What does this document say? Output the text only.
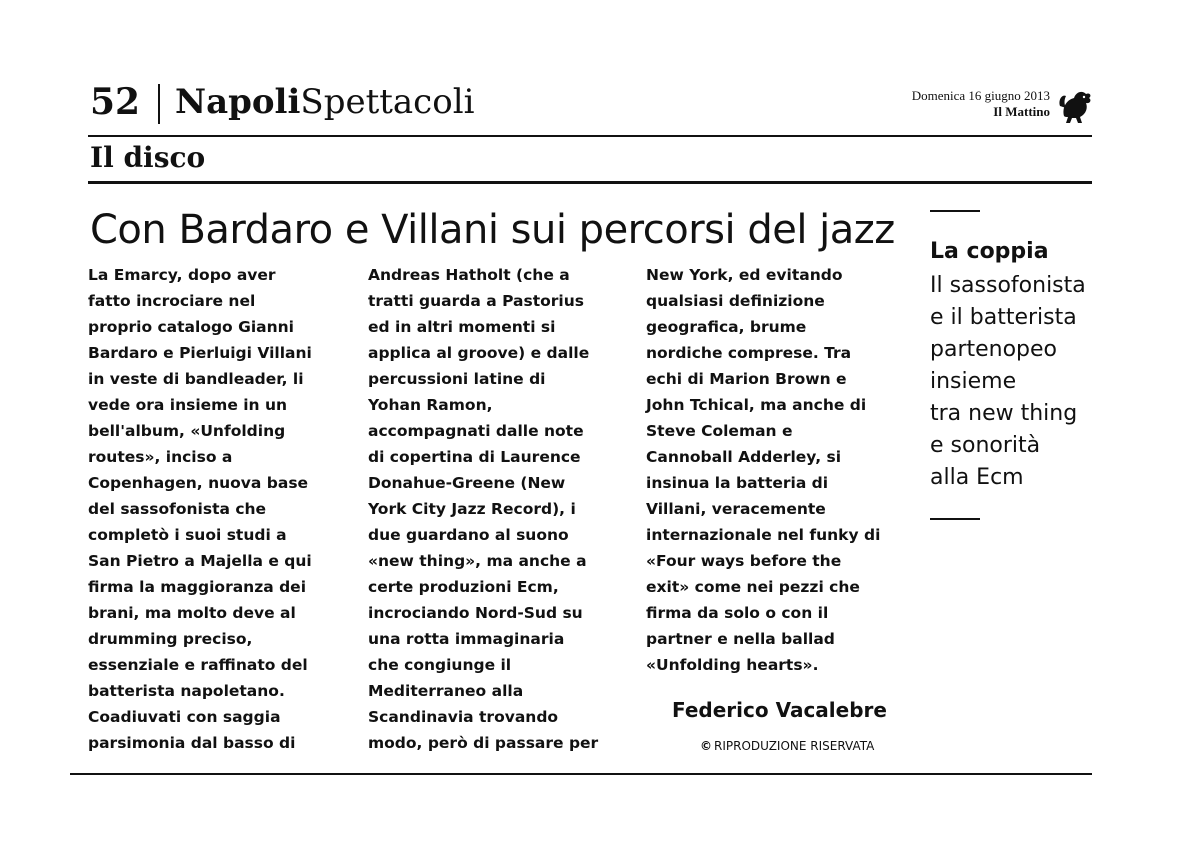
52 NapoliSpettacoli	Domenica 16 giugno 2013
Il Mattino
Il disco
Con Bardaro e Villani sui percorsi del jazz
La Emarcy, dopo aver
fatto incrociare nel
proprio catalogo Gianni
Bardaro e Pierluigi Villani
in veste di bandleader, li
vede ora insieme in un
bell'album, «Unfolding
routes», inciso a
Copenhagen, nuova base
del sassofonista che
completò i suoi studi a
San Pietro a Majella e qui
firma la maggioranza dei
brani, ma molto deve al
drumming preciso,
essenziale e raffinato del
batterista napoletano.
Coadiuvati con saggia
parsimonia dal basso di
Andreas Hatholt (che a
tratti guarda a Pastorius
ed in altri momenti si
applica al groove) e dalle
percussioni latine di
Yohan Ramon,
accompagnati dalle note
di copertina di Laurence
Donahue-Greene (New
York City Jazz Record), i
due guardano al suono
«new thing», ma anche a
certe produzioni Ecm,
incrociando Nord-Sud su
una rotta immaginaria
che congiunge il
Mediterraneo alla
Scandinavia trovando
modo, però di passare per
New York, ed evitando
qualsiasi definizione
geografica, brume
nordiche comprese. Tra
echi di Marion Brown e
John Tchical, ma anche di
Steve Coleman e
Cannoball Adderley, si
insinua la batteria di
Villani, veracemente
internazionale nel funky di
«Four ways before the
exit» come nei pezzi che
firma da solo o con il
partner e nella ballad
«Unfolding hearts».
Federico Vacalebre
© RIPRODUZIONE RISERVATA
La coppia
Il sassofonista
e il batterista
partenopeo
insieme
tra new thing
e sonorità
alla Ecm
